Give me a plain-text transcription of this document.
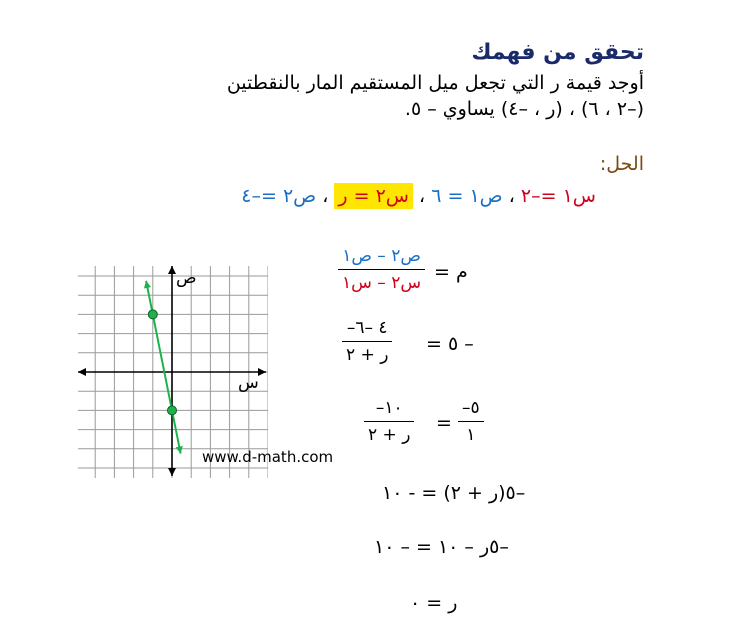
تحقق من فهمك
أوجد قيمة ر التي تجعل ميل المستقيم المار بالنقطتين
(–٢ ، ٦) ، (ر ، –٤) يساوي – ٥.
الحل:
س١ =–٢ ، ص١ = ٦ ، س٢ = ر ، ص٢ =–٤
ص٢ – ص١
س٢ – س١ م =
–٤ –٦
ر + ٢ – ٥ =
–١٠
ر + ٢
=
–٥
١
–٥(ر + ٢) = - ١٠
–٥ر – ١٠ = – ١٠
ر = ٠
ص
س
www.d-math.com
